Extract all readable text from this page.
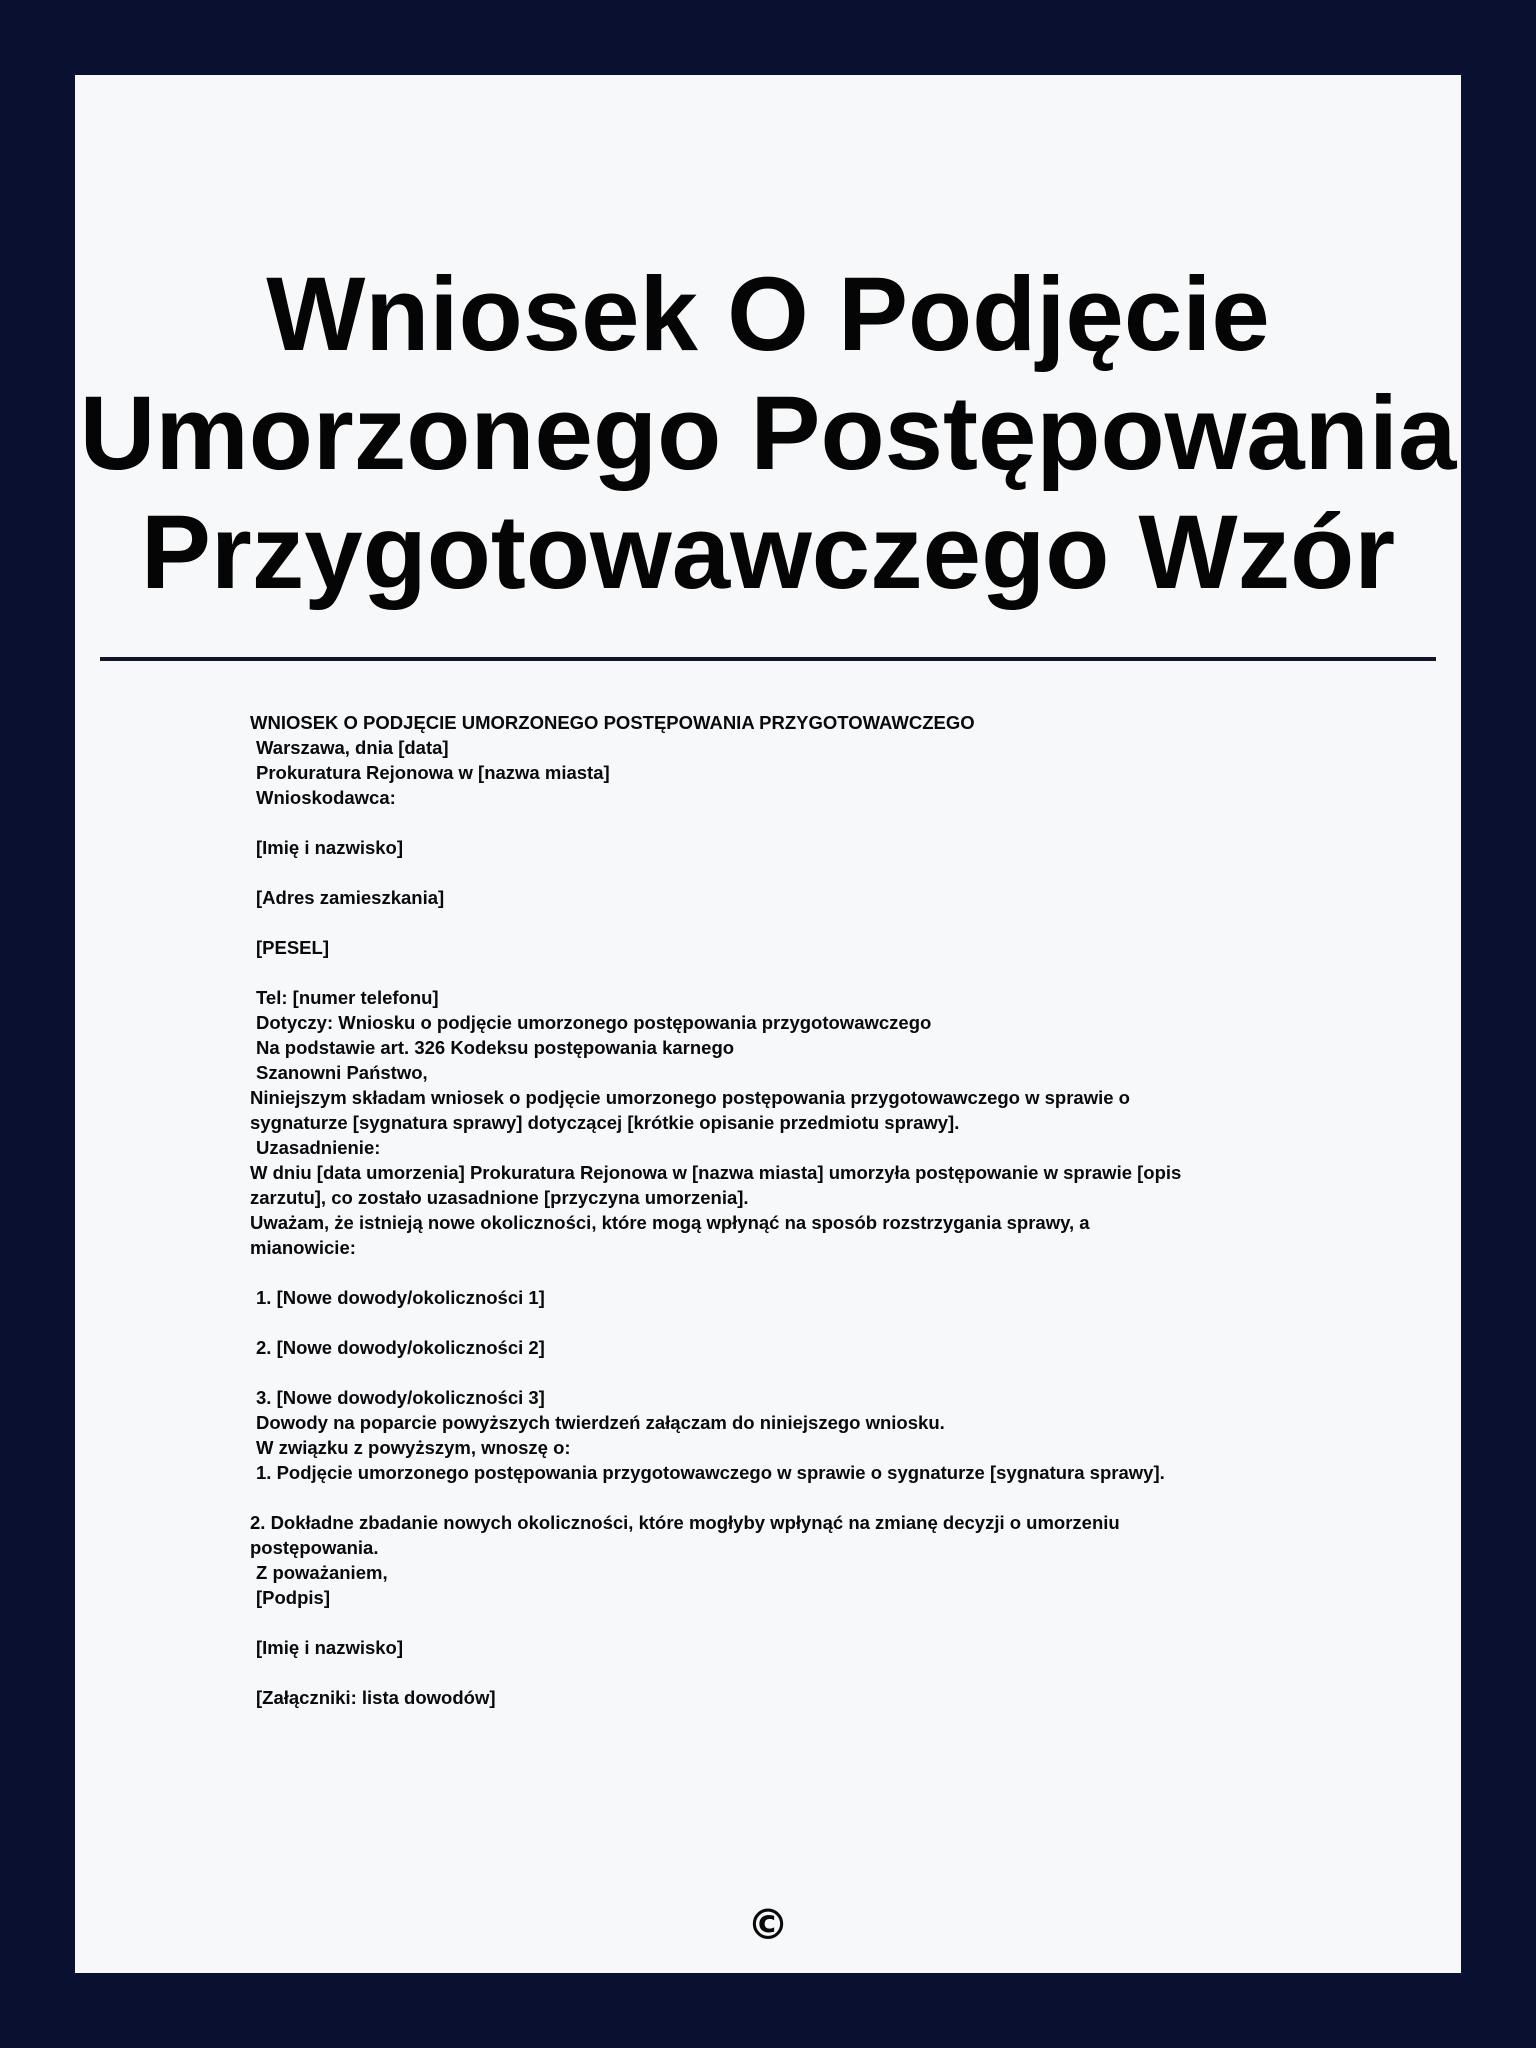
Wniosek O Podjęcie
Umorzonego Postępowania
Przygotowawczego Wzór
WNIOSEK O PODJĘCIE UMORZONEGO POSTĘPOWANIA PRZYGOTOWAWCZEGO
Warszawa, dnia [data]
Prokuratura Rejonowa w [nazwa miasta]
Wnioskodawca:
[Imię i nazwisko]
[Adres zamieszkania]
[PESEL]
Tel: [numer telefonu]
Dotyczy: Wniosku o podjęcie umorzonego postępowania przygotowawczego
Na podstawie art. 326 Kodeksu postępowania karnego
Szanowni Państwo,
Niniejszym składam wniosek o podjęcie umorzonego postępowania przygotowawczego w sprawie o
sygnaturze [sygnatura sprawy] dotyczącej [krótkie opisanie przedmiotu sprawy].
Uzasadnienie:
W dniu [data umorzenia] Prokuratura Rejonowa w [nazwa miasta] umorzyła postępowanie w sprawie [opis
zarzutu], co zostało uzasadnione [przyczyna umorzenia].
Uważam, że istnieją nowe okoliczności, które mogą wpłynąć na sposób rozstrzygania sprawy, a
mianowicie:
1. [Nowe dowody/okoliczności 1]
2. [Nowe dowody/okoliczności 2]
3. [Nowe dowody/okoliczności 3]
Dowody na poparcie powyższych twierdzeń załączam do niniejszego wniosku.
W związku z powyższym, wnoszę o:
1. Podjęcie umorzonego postępowania przygotowawczego w sprawie o sygnaturze [sygnatura sprawy].
2. Dokładne zbadanie nowych okoliczności, które mogłyby wpłynąć na zmianę decyzji o umorzeniu
postępowania.
Z poważaniem,
[Podpis]
[Imię i nazwisko]
[Załączniki: lista dowodów]
©
